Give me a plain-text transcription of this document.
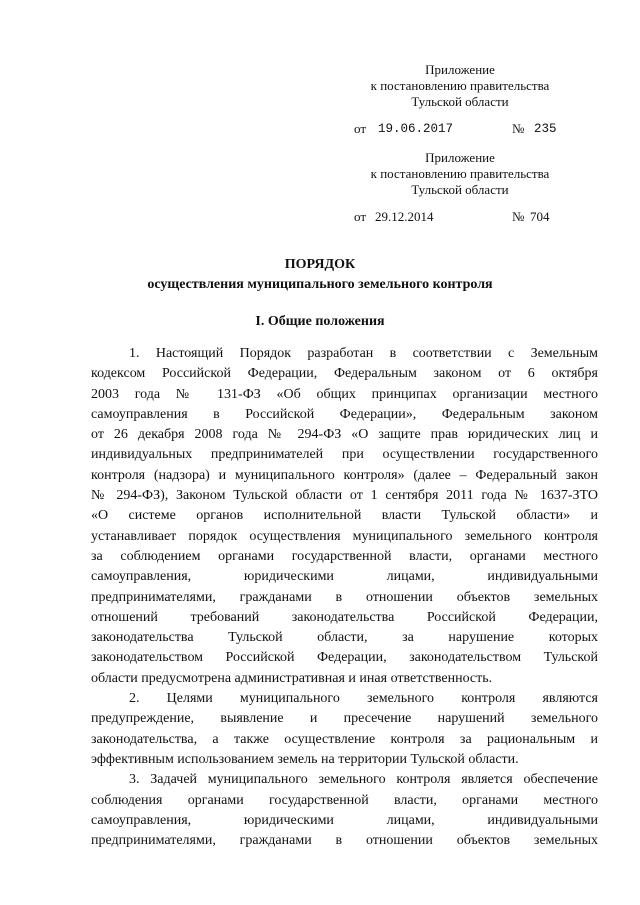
Приложение
к постановлению правительства
Тульской области
от 19.06.2017	№ 235
Приложение
к постановлению правительства
Тульской области
от 29.12.2014	№ 704
ПОРЯДОК
осуществления муниципального земельного контроля
I. Общие положения
1. Настоящий Порядок разработан в соответствии с Земельным
кодексом Российской Федерации, Федеральным законом от 6 октября
2003 года № 131-ФЗ «Об общих принципах организации местного
самоуправления в Российской Федерации», Федеральным законом
от 26 декабря 2008 года № 294-ФЗ «О защите прав юридических лиц и
индивидуальных предпринимателей при осуществлении государственного
контроля (надзора) и муниципального контроля» (далее – Федеральный закон
№ 294-ФЗ), Законом Тульской области от 1 сентября 2011 года № 1637-ЗТО
«О системе органов исполнительной власти Тульской области» и
устанавливает порядок осуществления муниципального земельного контроля
за соблюдением органами государственной власти, органами местного
самоуправления, юридическими лицами, индивидуальными
предпринимателями, гражданами в отношении объектов земельных
отношений требований законодательства Российской Федерации,
законодательства Тульской области, за нарушение которых
законодательством Российской Федерации, законодательством Тульской
области предусмотрена административная и иная ответственность.
2. Целями муниципального земельного контроля являются
предупреждение, выявление и пресечение нарушений земельного
законодательства, а также осуществление контроля за рациональным и
эффективным использованием земель на территории Тульской области.
3. Задачей муниципального земельного контроля является обеспечение
соблюдения органами государственной власти, органами местного
самоуправления, юридическими лицами, индивидуальными
предпринимателями, гражданами в отношении объектов земельных
